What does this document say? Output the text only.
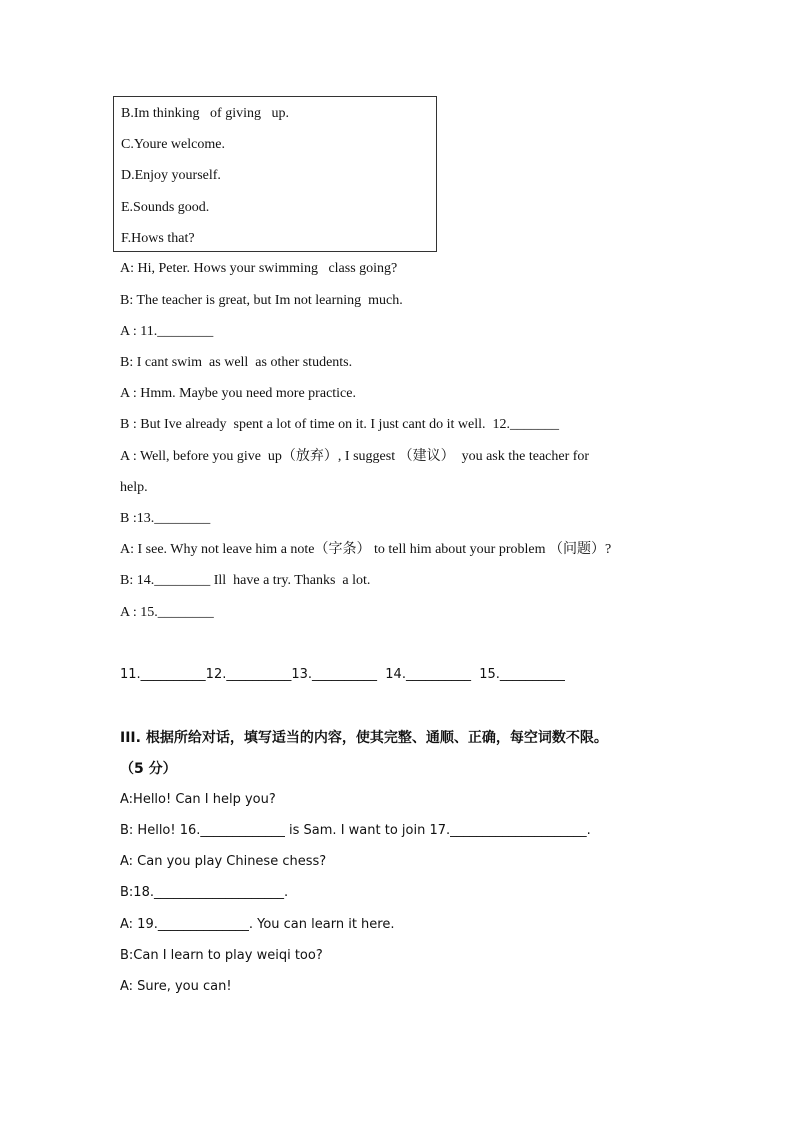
B.Im thinking   of giving   up.
C.Youre welcome.
D.Enjoy yourself.
E.Sounds good.
F.Hows that?
A: Hi, Peter. Hows your swimming   class going?
B: The teacher is great, but Im not learning  much.
A : 11.________
B: I cant swim  as well  as other students.
A : Hmm. Maybe you need more practice.
B : But Ive already  spent a lot of time on it. I just cant do it well.  12._______
A : Well, before you give  up（放弃）, I suggest （建议）  you ask the teacher for
help.
B :13.________
A: I see. Why not leave him a note（字条） to tell him about your problem （问题）?
B: 14.________ Ill  have a try. Thanks  a lot.
A : 15.________
11.__________12.__________13.__________  14.__________  15.__________
III. 根据所给对话，填写适当的内容，使其完整、通顺、正确，每空词数不限。
（5 分）
A:Hello! Can I help you?
B: Hello! 16._____________ is Sam. I want to join 17._____________________.
A: Can you play Chinese chess?
B:18.____________________.
A: 19.______________. You can learn it here.
B:Can I learn to play weiqi too?
A: Sure, you can!
